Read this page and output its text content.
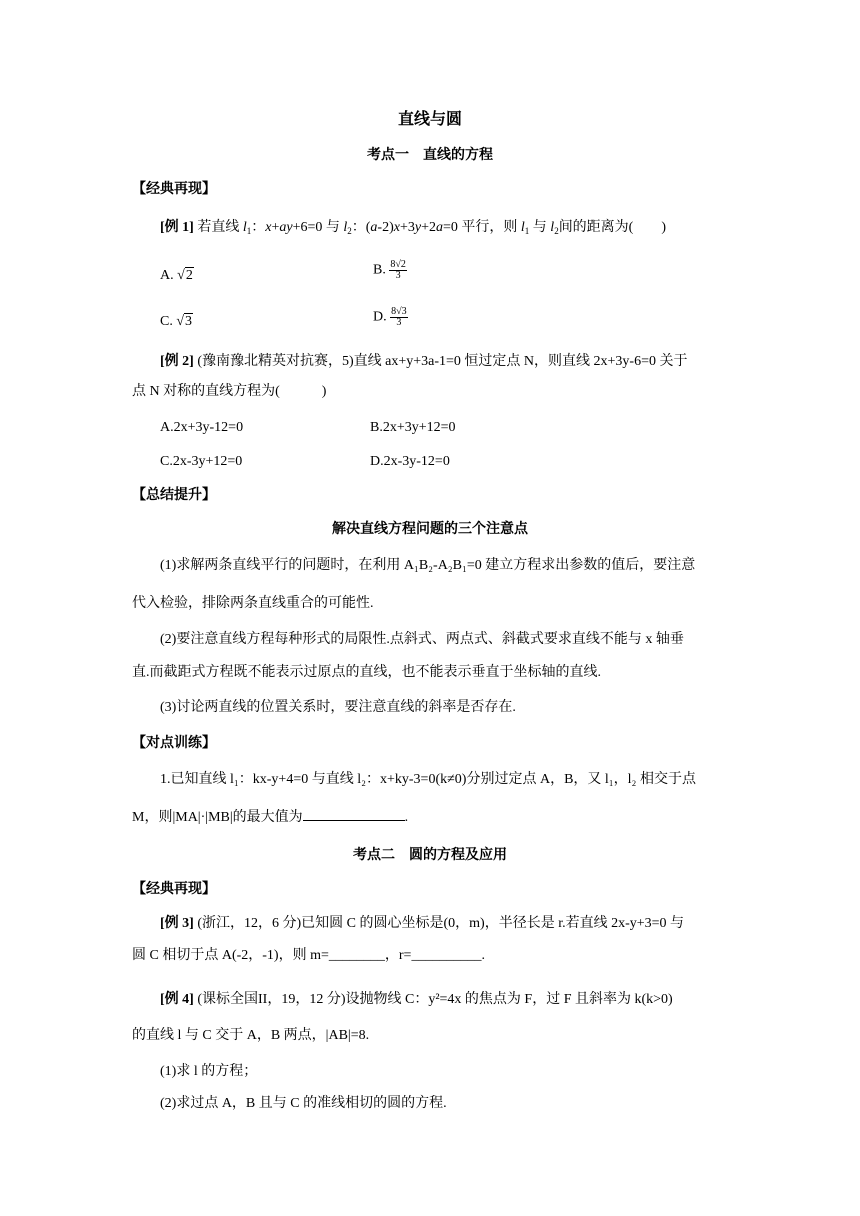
直线与圆
考点一　直线的方程
【经典再现】
[例 1] 若直线 $l_1$：x+ay+6=0 与 $l_2$：(a-2)x+3y+2a=0 平行，则 $l_1$ 与 $l_2$间的距离为(　　)
A. √2	B. $\frac{8√2}{3}$
C. √3	D. $\frac{8√3}{3}$
[例 2] (豫南豫北精英对抗赛，5)直线 ax+y+3a-1=0 恒过定点 N，则直线 2x+3y-6=0 关于
点 N 对称的直线方程为(　　　)
A.2x+3y-12=0	B.2x+3y+12=0
C.2x-3y+12=0	D.2x-3y-12=0
【总结提升】
解决直线方程问题的三个注意点
(1)求解两条直线平行的问题时，在利用 A₁B₂-A₂B₁=0 建立方程求出参数的值后，要注意
代入检验，排除两条直线重合的可能性.
(2)要注意直线方程每种形式的局限性.点斜式、两点式、斜截式要求直线不能与 x 轴垂
直.而截距式方程既不能表示过原点的直线，也不能表示垂直于坐标轴的直线.
(3)讨论两直线的位置关系时，要注意直线的斜率是否存在.
【对点训练】
1.已知直线 l₁：kx-y+4=0 与直线 l₂：x+ky-3=0(k≠0)分别过定点 A，B，又 l₁，l₂ 相交于点
M，则|MA|·|MB|的最大值为	.
考点二　圆的方程及应用
【经典再现】
[例 3] (浙江，12，6 分)已知圆 C 的圆心坐标是(0，m)，半径长是 r.若直线 2x-y+3=0 与
圆 C 相切于点 A(-2，-1)，则 m=________，r=__________.
[例 4] (课标全国II，19，12 分)设抛物线 C：y²=4x 的焦点为 F，过 F 且斜率为 k(k>0)
的直线 l 与 C 交于 A，B 两点，|AB|=8.
(1)求 l 的方程；
(2)求过点 A，B 且与 C 的准线相切的圆的方程.
